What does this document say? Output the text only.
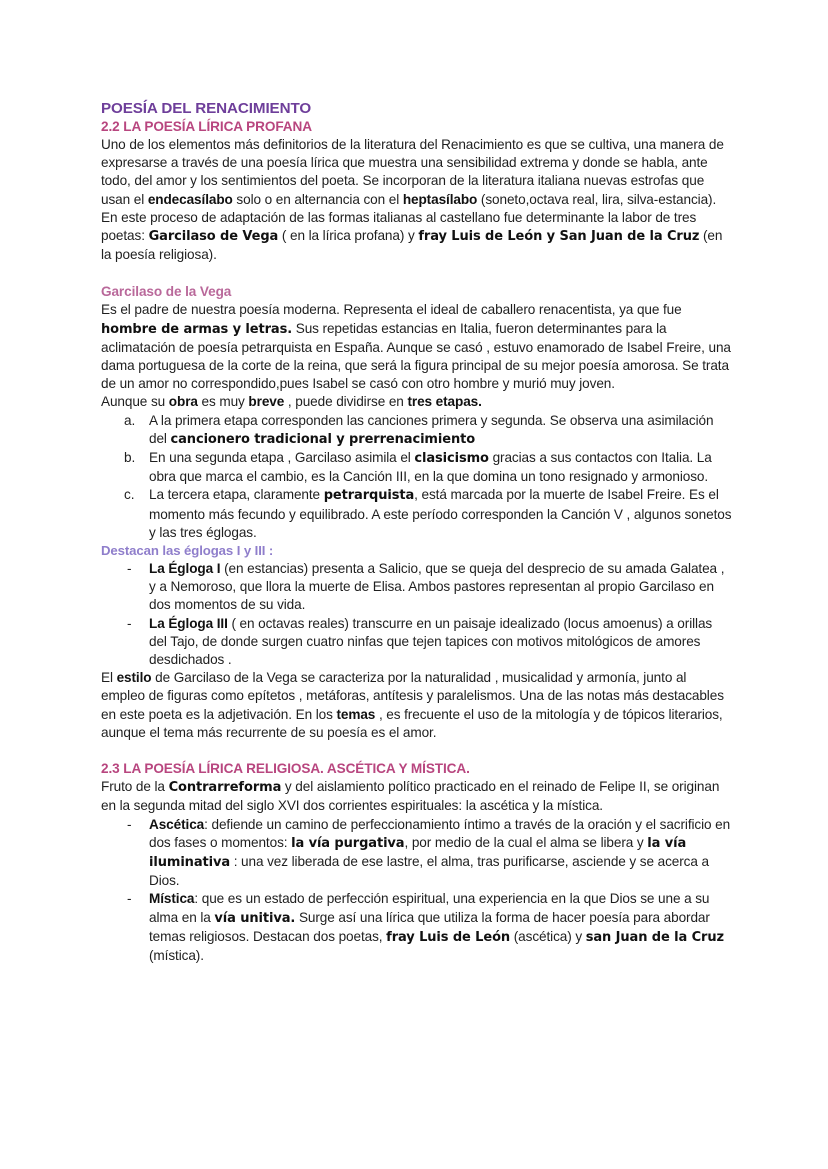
POESÍA DEL RENACIMIENTO
2.2 LA POESÍA LÍRICA PROFANA

Uno de los elementos más definitorios de la literatura del Renacimiento es que se cultiva, una manera de expresarse a través de una poesía lírica que muestra una sensibilidad extrema y donde se habla, ante todo, del amor y los sentimientos del poeta. Se incorporan de la literatura italiana nuevas estrofas que usan el endecasílabo solo o en alternancia con el heptasílabo (soneto,octava real, lira, silva-estancia). En este proceso de adaptación de las formas italianas al castellano fue determinante la labor de tres poetas: Garcilaso de Vega ( en la lírica profana) y fray Luis de León y San Juan de la Cruz (en la poesía religiosa).

Garcilaso de la Vega

Es el padre de nuestra poesía moderna. Representa el ideal de caballero renacentista, ya que fue hombre de armas y letras. Sus repetidas estancias en Italia, fueron determinantes para la aclimatación de poesía petrarquista en España. Aunque se casó , estuvo enamorado de Isabel Freire, una dama portuguesa de la corte de la reina, que será la figura principal de su mejor poesía amorosa. Se trata de un amor no correspondido,pues Isabel se casó con otro hombre y murió muy joven.

Aunque su obra es muy breve , puede dividirse en tres etapas.

a.	A la primera etapa corresponden las canciones primera y segunda. Se observa una asimilación del cancionero tradicional y prerrenacimiento
b.	En una segunda etapa , Garcilaso asimila el clasicismo gracias a sus contactos con Italia. La obra que marca el cambio, es la Canción III, en la que domina un tono resignado y armonioso.
c.	La tercera etapa, claramente petrarquista, está marcada por la muerte de Isabel Freire. Es el momento más fecundo y equilibrado. A este período corresponden la Canción V , algunos sonetos y las tres églogas.
Destacan las églogas I y III :
-	La Égloga I (en estancias) presenta a Salicio, que se queja del desprecio de su amada Galatea , y a Nemoroso, que llora la muerte de Elisa. Ambos pastores representan al propio Garcilaso en dos momentos de su vida.
-	La Égloga III ( en octavas reales) transcurre en un paisaje idealizado (locus amoenus) a orillas del Tajo, de donde surgen cuatro ninfas que tejen tapices con motivos mitológicos de amores desdichados .

El estilo de Garcilaso de la Vega se caracteriza por la naturalidad , musicalidad y armonía, junto al empleo de figuras como epítetos , metáforas, antítesis y paralelismos. Una de las notas más destacables en este poeta es la adjetivación. En los temas , es frecuente el uso de la mitología y de tópicos literarios, aunque el tema más recurrente de su poesía es el amor.

2.3 LA POESÍA LÍRICA RELIGIOSA. ASCÉTICA Y MÍSTICA.

Fruto de la Contrarreforma y del aislamiento político practicado en el reinado de Felipe II, se originan en la segunda mitad del siglo XVI dos corrientes espirituales: la ascética y la mística.

-	Ascética: defiende un camino de perfeccionamiento íntimo a través de la oración y el sacrificio en dos fases o momentos: la vía purgativa, por medio de la cual el alma se libera y la vía iluminativa : una vez liberada de ese lastre, el alma, tras purificarse, asciende y se acerca a Dios.
-	Mística: que es un estado de perfección espiritual, una experiencia en la que Dios se une a su alma en la vía unitiva. Surge así una lírica que utiliza la forma de hacer poesía para abordar temas religiosos. Destacan dos poetas, fray Luis de León (ascética) y san Juan de la Cruz (mística).
